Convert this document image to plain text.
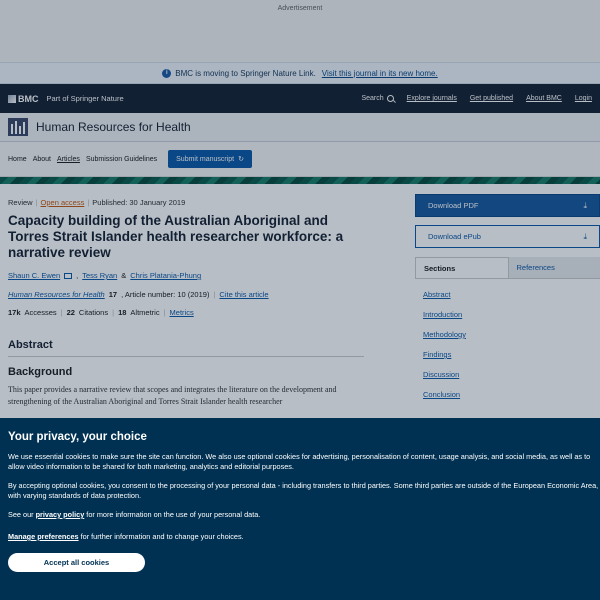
Advertisement
i BMC is moving to Springer Nature Link. Visit this journal in its new home.
BMC Part of Springer Nature	Search	Explore journals Get published About BMC Login
Human Resources for Health
Home About Articles Submission Guidelines	Submit manuscript ↻
Review | Open access | Published: 30 January 2019
Capacity building of the Australian Aboriginal and Torres Strait Islander health researcher workforce: a narrative review
Shaun C. Ewen , Tess Ryan & Chris Platania-Phung
Human Resources for Health 17 , Article number: 10 (2019) | Cite this article
17k Accesses | 22 Citations | 18 Altmetric | Metrics
Abstract
Background

This paper provides a narrative review that scopes and integrates the literature on the development and strengthening of the Australian Aboriginal and Torres Strait Islander health researcher

Download PDF	⤓
Download ePub	⤓
Sections	References
Abstract
Introduction
Methodology
Findings
Discussion
Conclusion
Your privacy, your choice

We use essential cookies to make sure the site can function. We also use optional cookies for advertising, personalisation of content, usage analysis, and social media, as well as to allow video information to be shared for both marketing, analytics and editorial purposes.

By accepting optional cookies, you consent to the processing of your personal data - including transfers to third parties. Some third parties are outside of the European Economic Area, with varying standards of data protection.

See our privacy policy for more information on the use of your personal data.

Manage preferences for further information and to change your choices.
Accept all cookies
